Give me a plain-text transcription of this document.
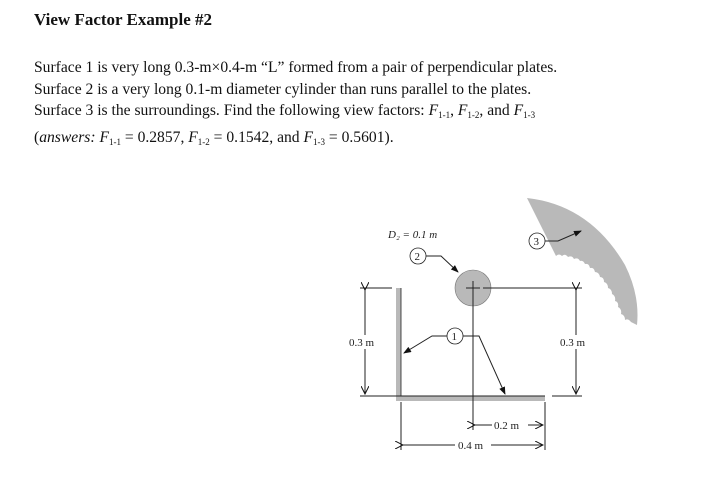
View Factor Example #2
Surface 1 is very long 0.3-m×0.4-m “L” formed from a pair of perpendicular plates.
Surface 2 is a very long 0.1-m diameter cylinder than runs parallel to the plates.
Surface 3 is the surroundings. Find the following view factors: $F_{1-1}$, $F_{1-2}$, and $F_{1-3}$
(answers: $F_{1-1} = 0.2857$, $F_{1-2} = 0.1542$, and $F_{1-3} = 0.5601$).
0.3 m	0.3 m
0.2 m
0.4 m
D₂ = 0.1 m
2
1
3
